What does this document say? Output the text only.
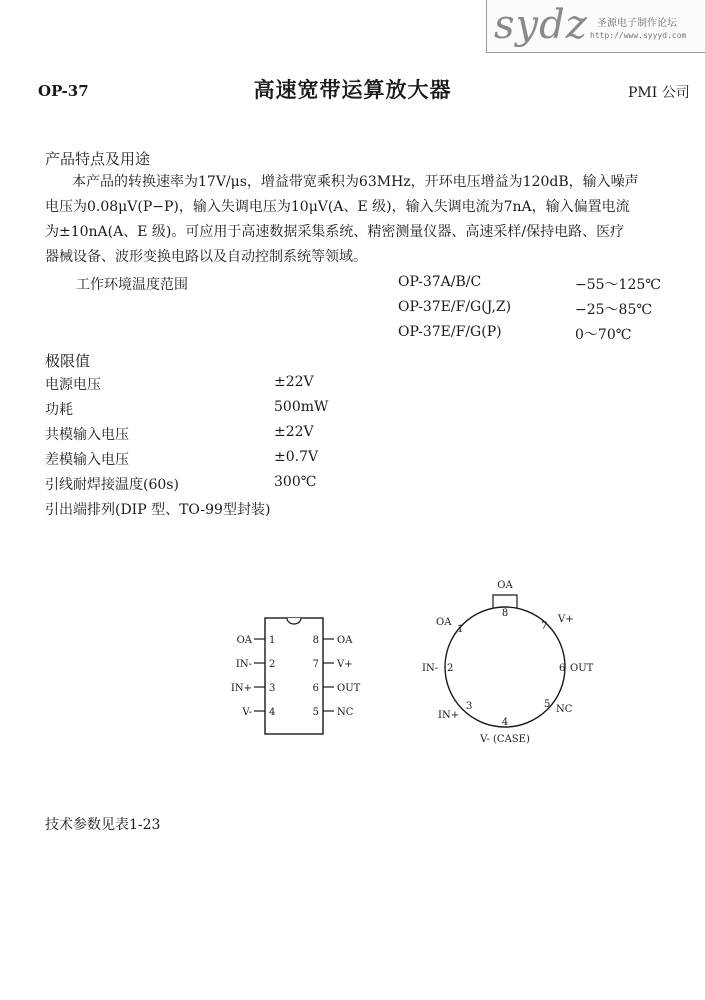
sydz 圣源电子制作论坛
http://www.syyyd.com
OP-37	高速宽带运算放大器	PMI 公司
产品特点及用途
本产品的转换速率为17V/μs，增益带宽乘积为63MHz，开环电压增益为120dB，输入噪声
电压为0.08μV(P−P)，输入失调电压为10μV(A、E 级)，输入失调电流为7nA，输入偏置电流
为±10nA(A、E 级)。可应用于高速数据采集系统、精密测量仪器、高速采样/保持电路、医疗
器械设备、波形变换电路以及自动控制系统等领域。
工作环境温度范围	OP-37A/B/C	−55～125℃
OP-37E/F/G(J,Z)	−25～85℃
OP-37E/F/G(P)	0～70℃
极限值
电源电压	±22V
功耗	500mW
共模输入电压	±22V
差模输入电压	±0.7V
引线耐焊接温度(60s)	300℃
引出端排列(DIP 型、TO-99型封装)
OA
IN-
IN+
V-
1
2
3
4
8
7
6
5
OA
V+
OUT
NC
OA
8
OA
1	7
V+
IN- 2	6 OUT
IN+
3	5 NC
4
V- (CASE)
技术参数见表1-23
